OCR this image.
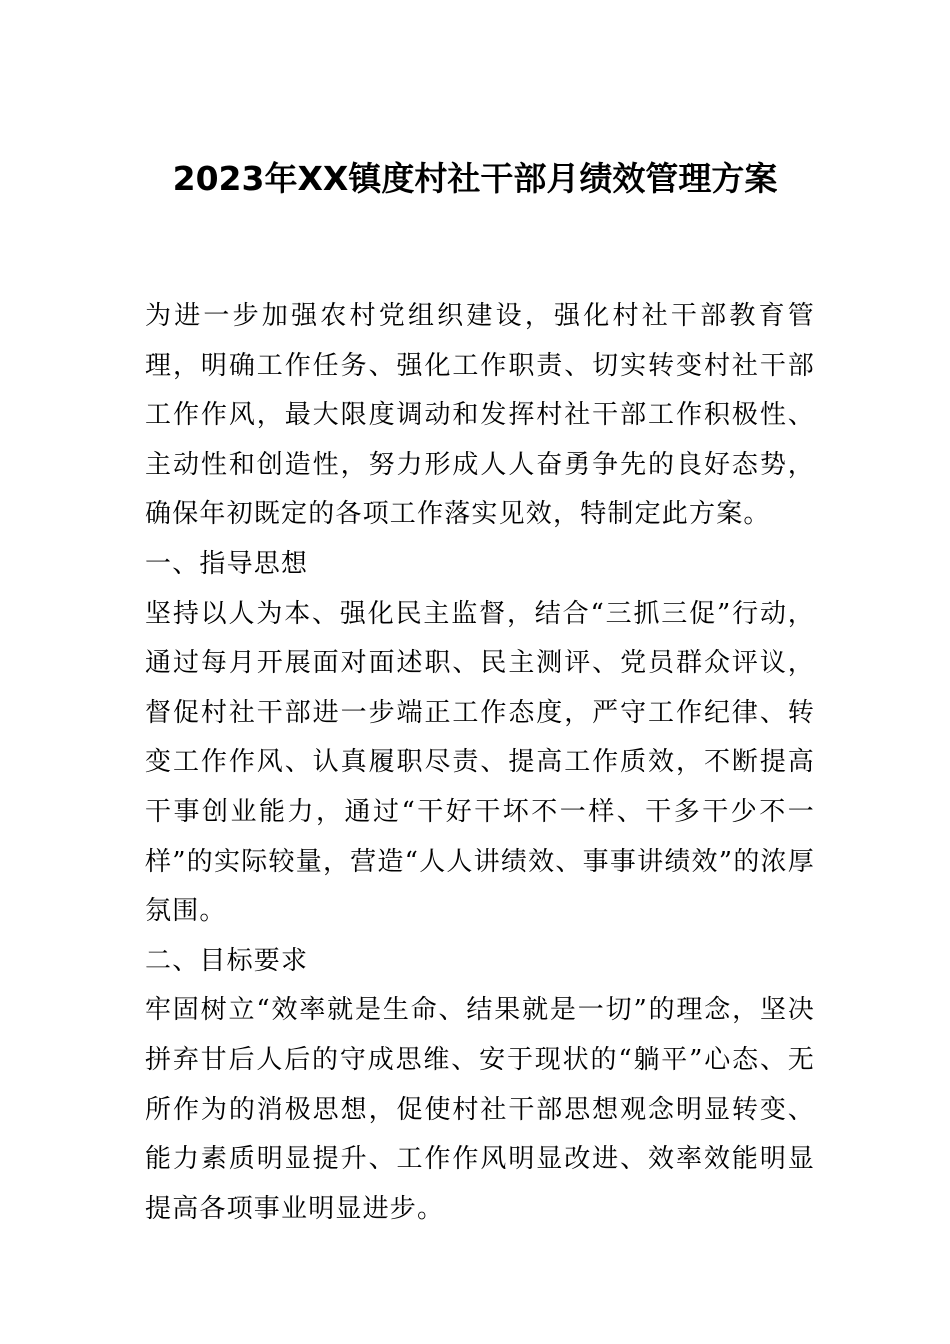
2023年XX镇度村社干部月绩效管理方案

为进一步加强农村党组织建设，强化村社干部教育管理，明确工作任务、强化工作职责、切实转变村社干部工作作风，最大限度调动和发挥村社干部工作积极性、主动性和创造性，努力形成人人奋勇争先的良好态势，确保年初既定的各项工作落实见效，特制定此方案。

一、指导思想

坚持以人为本、强化民主监督，结合“三抓三促”行动，通过每月开展面对面述职、民主测评、党员群众评议，督促村社干部进一步端正工作态度，严守工作纪律、转变工作作风、认真履职尽责、提高工作质效，不断提高干事创业能力，通过“干好干坏不一样、干多干少不一样”的实际较量，营造“人人讲绩效、事事讲绩效”的浓厚氛围。

二、目标要求

牢固树立“效率就是生命、结果就是一切”的理念，坚决拼弃甘后人后的守成思维、安于现状的“躺平”心态、无所作为的消极思想，促使村社干部思想观念明显转变、能力素质明显提升、工作作风明显改进、效率效能明显提高各项事业明显进步。
